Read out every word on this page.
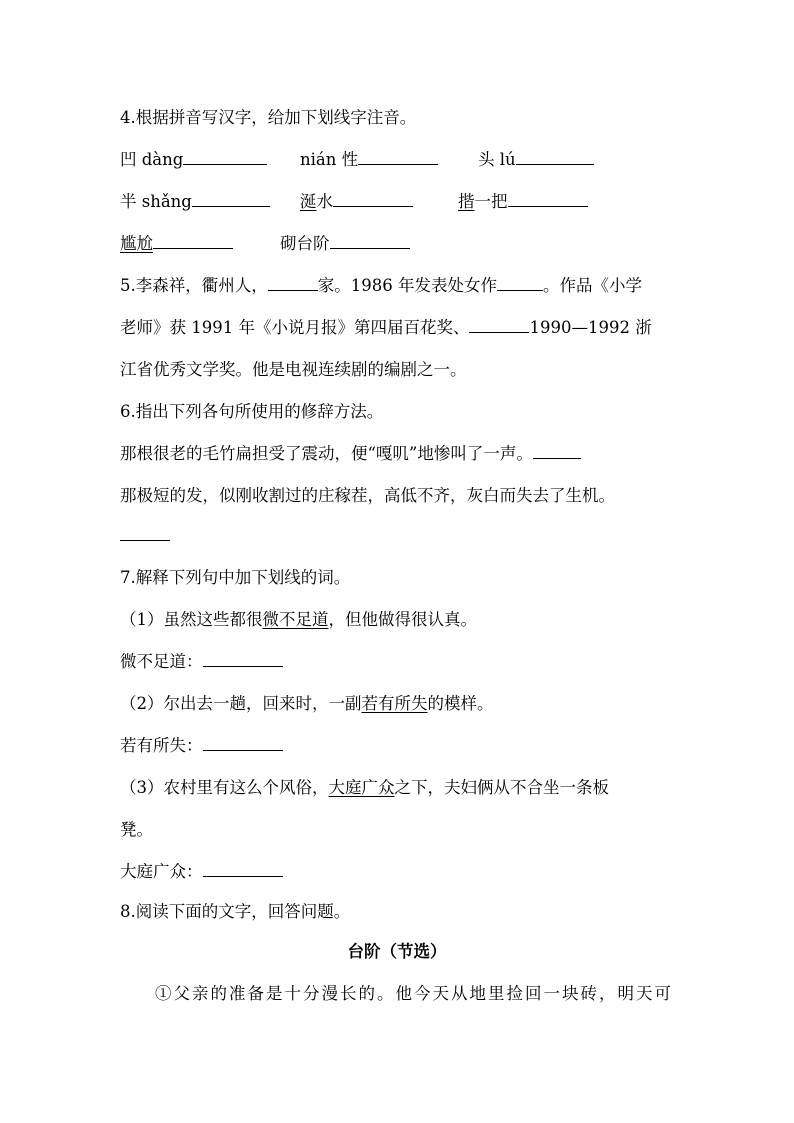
4.根据拼音写汉字，给加下划线字注音。
凹 dàng	nián 性	头 lú
半 shǎng	涎水	揩一把
尴尬	砌台阶
5.李森祥，衢州人，	家。1986 年发表处女作	。作品《小学
老师》获 1991 年《小说月报》第四届百花奖、	1990—1992 浙
江省优秀文学奖。他是电视连续剧的编剧之一。
6.指出下列各句所使用的修辞方法。
那根很老的毛竹扁担受了震动，便“嘎叽”地惨叫了一声。
那极短的发，似刚收割过的庄稼茬，高低不齐，灰白而失去了生机。
7.解释下列句中加下划线的词。
（1）虽然这些都很微不足道，但他做得很认真。
微不足道：
（2）尔出去一趟，回来时，一副若有所失的模样。
若有所失：
（3）农村里有这么个风俗，大庭广众之下，夫妇俩从不合坐一条板
凳。
大庭广众：
8.阅读下面的文字，回答问题。
台阶（节选）
①父亲的准备是十分漫长的。他今天从地里捡回一块砖，明天可
